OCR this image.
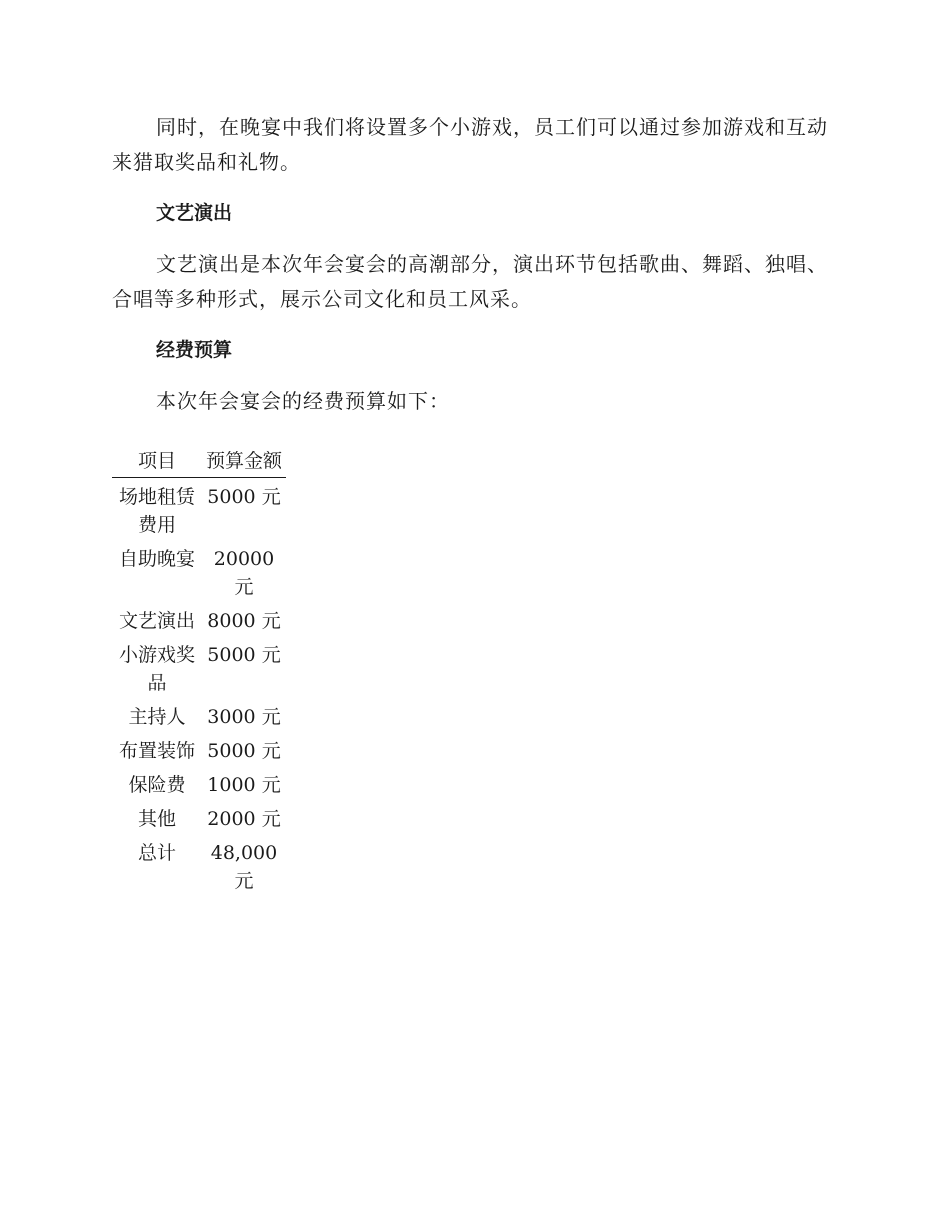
同时，在晚宴中我们将设置多个小游戏，员工们可以通过参加游戏和互动来猎取奖品和礼物。

文艺演出

文艺演出是本次年会宴会的高潮部分，演出环节包括歌曲、舞蹈、独唱、合唱等多种形式，展示公司文化和员工风采。

经费预算

本次年会宴会的经费预算如下：

项目	预算金额
场地租赁费用	5000 元
自助晚宴	20000 元
文艺演出	8000 元
小游戏奖品	5000 元
主持人	3000 元
布置装饰	5000 元
保险费	1000 元
其他	2000 元
总计	48,000 元
